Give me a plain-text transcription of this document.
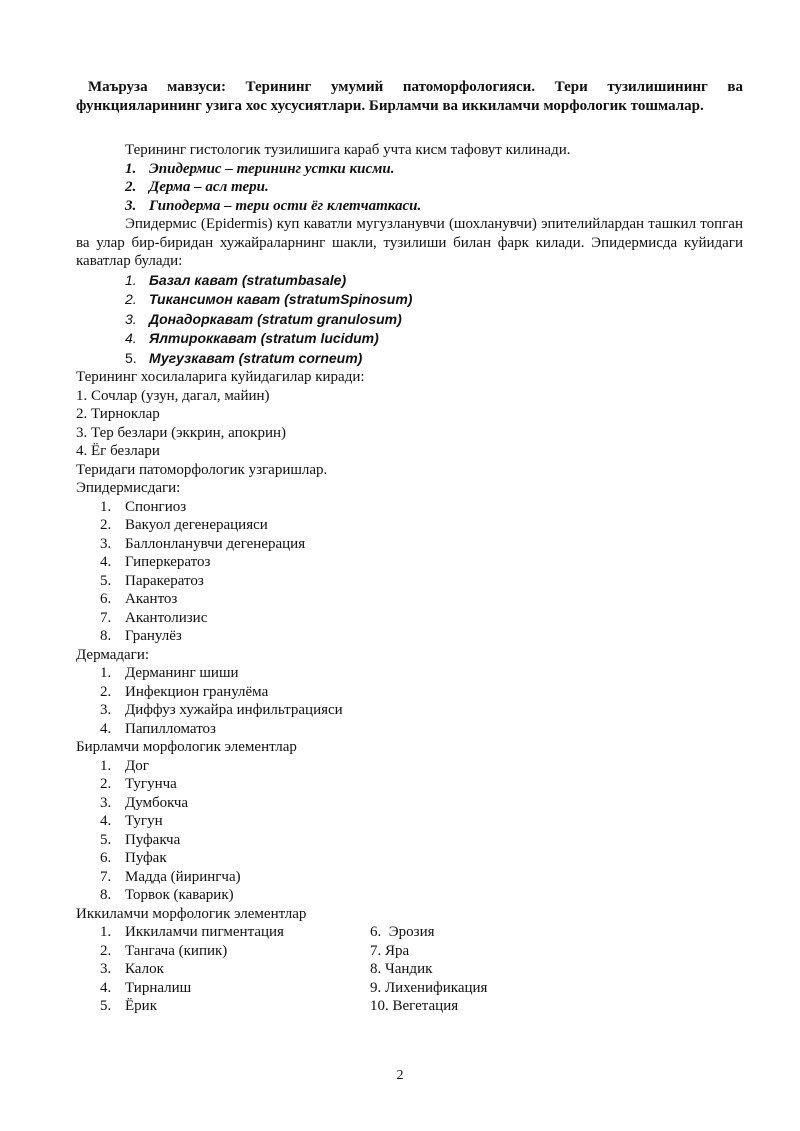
Маъруза мавзуси: Терининг умумий патоморфологияси. Тери тузилишининг ва функцияларининг узига хос хусусиятлари. Бирламчи ва иккиламчи морфологик тошмалар.

Терининг гистологик тузилишига караб учта кисм тафовут килинади.

1. Эпидермис – терининг устки кисми.
2. Дерма – асл тери.
3. Гиподерма – тери ости ёг клетчаткаси.

Эпидермис (Epidermis) куп каватли мугузланувчи (шохланувчи) эпителийлардан ташкил топган ва улар бир-биридан хужайраларнинг шакли, тузилиши билан фарк килади. Эпидермисда куйидаги каватлар булади:

1. Базал кават (stratumbasale)
2. Тикансимон кават (stratumSpinosum)
3. Донадоркават (stratum granulosum)
4. Ялтироккават (stratum lucidum)
5. Мугузкават (stratum corneum)

Терининг хосилаларига куйидагилар киради:

1. Сочлар (узун, дагал, майин)

2. Тирноклар

3. Тер безлари (эккрин, апокрин)

4. Ёг безлари

Теридаги патоморфологик узгаришлар.

Эпидермисдаги:

1. Спонгиоз
2. Вакуол дегенерацияси
3. Баллонланувчи дегенерация
4. Гиперкератоз
5. Паракератоз
6. Акантоз
7. Акантолизис
8. Гранулёз

Дермадаги:

1. Дерманинг шиши
2. Инфекцион гранулёма
3. Диффуз хужайра инфильтрацияси
4. Папилломатоз

Бирламчи морфологик элементлар

1. Дог
2. Тугунча
3. Думбокча
4. Тугун
5. Пуфакча
6. Пуфак
7. Мадда (йирингча)
8. Торвок (каварик)

Иккиламчи морфологик элементлар

1. Иккиламчи пигментация
2. Тангача (кипик)
3. Калок
4. Тирналиш
5. Ёрик

6.  Эрозия

7. Яра

8. Чандик

9. Лихенификация

10. Вегетация

2
